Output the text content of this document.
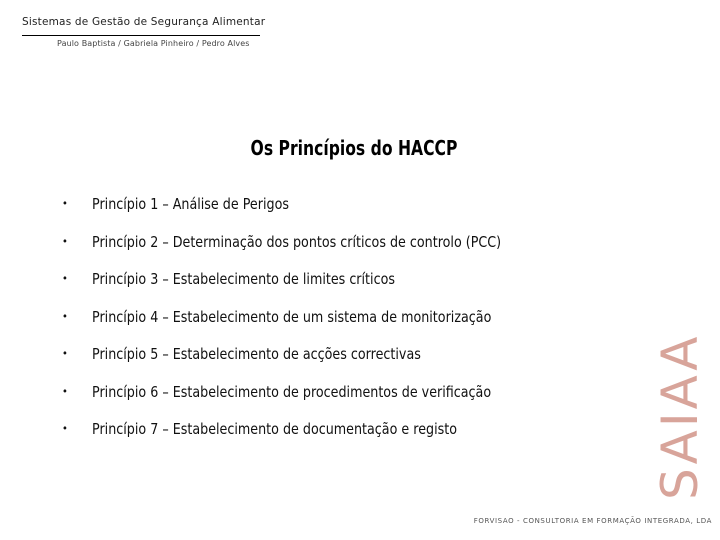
Sistemas de Gestão de Segurança Alimentar
Paulo Baptista / Gabriela Pinheiro / Pedro Alves
Os Princípios do HACCP
•	Princípio 1 – Análise de Perigos
•	Princípio 2 – Determinação dos pontos críticos de controlo (PCC)
•	Princípio 3 – Estabelecimento de limites críticos
•	Princípio 4 – Estabelecimento de um sistema de monitorização
•	Princípio 5 – Estabelecimento de acções correctivas
•	Princípio 6 – Estabelecimento de procedimentos de verificação
•	Princípio 7 – Estabelecimento de documentação e registo	SAIAA
FORVISAO - CONSULTORIA EM FORMAÇÃO INTEGRADA, LDA
